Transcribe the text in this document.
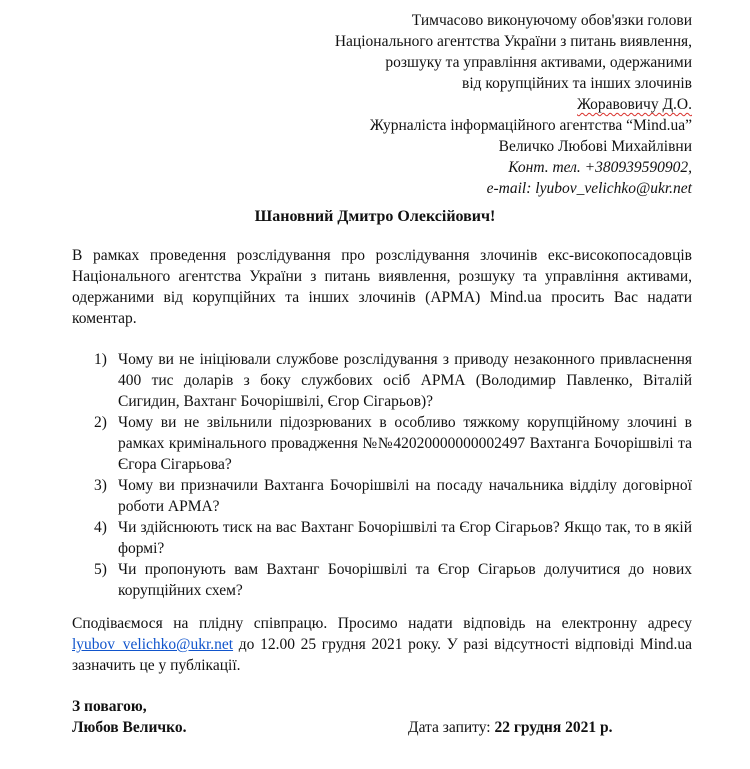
Тимчасово виконуючому обов'язки голови
Національного агентства України з питань виявлення,
розшуку та управління активами, одержаними
від корупційних та інших злочинів
Жоравовичу Д.О.
Журналіста інформаційного агентства “Mind.ua”
Величко Любові Михайлівни
Конт. тел. +380939590902,
e-mail: lyubov_velichko@ukr.net
Шановний Дмитро Олексійович!
В рамках проведення розслідування про розслідування злочинів екс-високопосадовців Національного агентства України з питань виявлення, розшуку та управління активами, одержаними від корупційних та інших злочинів (АРМА) Mind.ua просить Вас надати коментар.
1) Чому ви не ініціювали службове розслідування з приводу незаконного привласнення 400 тис доларів з боку службових осіб АРМА (Володимир Павленко, Віталій Сигидин, Вахтанг Бочорішвілі, Єгор Сігарьов)?
2) Чому ви не звільнили підозрюваних в особливо тяжкому корупційному злочині в рамках кримінального провадження №№42020000000002497 Вахтанга Бочорішвілі та Єгора Сігарьова?
3) Чому ви призначили Вахтанга Бочорішвілі на посаду начальника відділу договірної роботи АРМА?
4) Чи здійснюють тиск на вас Вахтанг Бочорішвілі та Єгор Сігарьов? Якщо так, то в якій формі?
5) Чи пропонують вам Вахтанг Бочорішвілі та Єгор Сігарьов долучитися до нових корупційних схем?
Сподіваємося на плідну співпрацю. Просимо надати відповідь на електронну адресу lyubov_velichko@ukr.net до 12.00 25 грудня 2021 року. У разі відсутності відповіді Mind.ua зазначить це у публікації.
З повагою,
Любов Величко.	Дата запиту: 22 грудня 2021 р.
